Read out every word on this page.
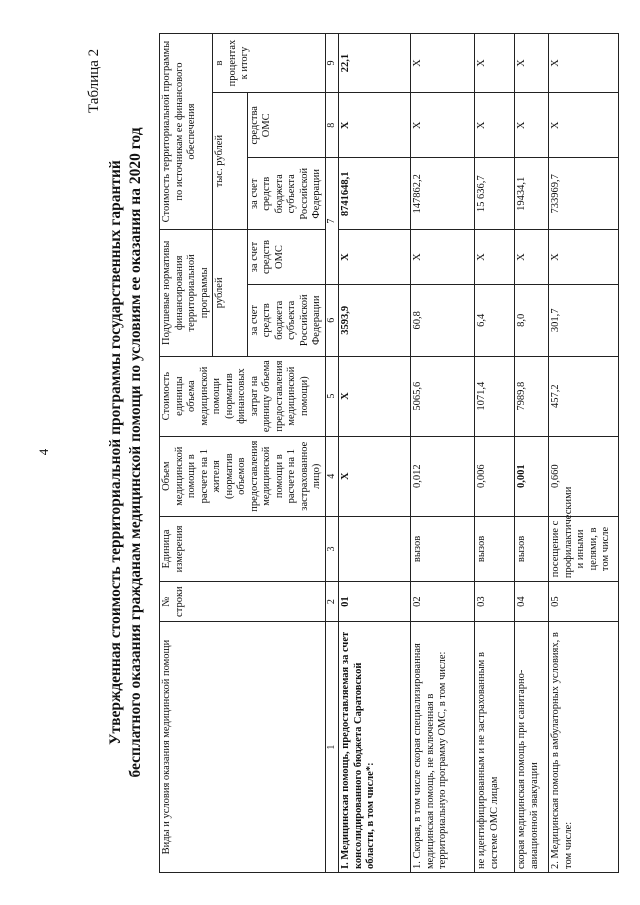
4
Таблица 2
Утвержденная стоимость территориальной программы государственных гарантий бесплатного оказания гражданам медицинской помощи по условиям ее оказания на 2020 год Виды и условия оказания медицинской помощи	№ строки	Единица измерения	Объем медицинской помощи в расчете на 1 жителя (норматив объемов предоставления медицинской помощи в расчете на 1 застрахованное лицо)	Стоимость единицы объема медицинской помощи (норматив финансовых затрат на единицу объема предоставления медицинской помощи)	Подушевые нормативы финансирования территориальной программы		Стоимость территориальной программы по источникам ее финансового обеспечения		
					рублей		тыс. рублей		в процентах к итогу
					за счет средств бюджета субъекта Российской Федерации	за счет средств ОМС	за счет средств бюджета субъекта Российской Федерации	средства ОМС	
1	2	3	4	5	6	7		8	9
I. Медицинская помощь, предоставляемая за счет консолидированного бюджета Саратовской области, в том числе*:	01		Х	Х	3593,9	Х	8741648,1	Х	22,1
1. Скорая, в том числе скорая специализированная медицинская помощь, не включенная в территориальную программу ОМС, в том числе:	02	вызов	0,012	5065,6	60,8	Х	147862,2	Х	Х
не идентифицированным и не застрахованным в системе ОМС лицам	03	вызов	0,006	1071,4	6,4	Х	15 636,7	Х	Х
скорая медицинская помощь при санитарно-авиационной эвакуации	04	вызов	0,001	7989,8	8,0	Х	19434,1	Х	Х
2. Медицинская помощь в амбулаторных условиях, в том числе:	05	посещение с профилактическими и иными целями, в том числе	0,660	457,2	301,7	Х	733969,7	Х	Х
